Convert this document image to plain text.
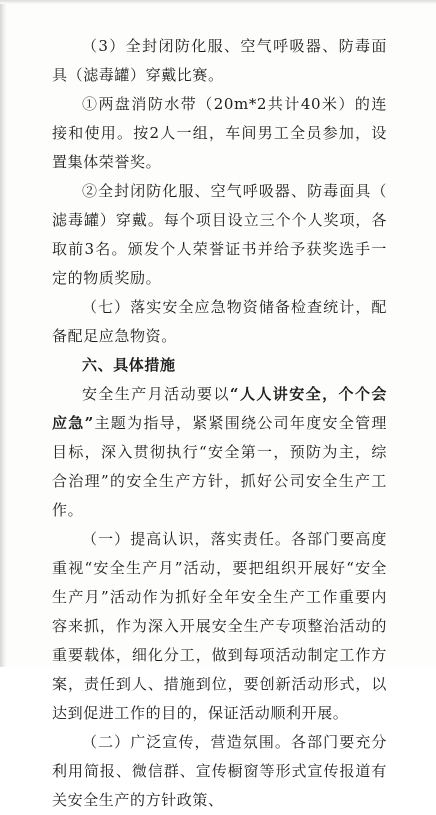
（3）全封闭防化服、空气呼吸器、防毒面具（滤毒罐）穿戴比赛。

①两盘消防水带（20m*2共计40米）的连接和使用。按2人一组，车间男工全员参加，设置集体荣誉奖。

②全封闭防化服、空气呼吸器、防毒面具（滤毒罐）穿戴。每个项目设立三个个人奖项，各取前3名。颁发个人荣誉证书并给予获奖选手一定的物质奖励。

（七）落实安全应急物资储备检查统计，配备配足应急物资。

六、具体措施

安全生产月活动要以“人人讲安全，个个会应急”主题为指导，紧紧围绕公司年度安全管理目标，深入贯彻执行“安全第一，预防为主，综合治理”的安全生产方针，抓好公司安全生产工作。

（一）提高认识，落实责任。各部门要高度重视“安全生产月”活动，要把组织开展好“安全生产月”活动作为抓好全年安全生产工作重要内容来抓，作为深入开展安全生产专项整治活动的重要载体，细化分工，做到每项活动制定工作方案，责任到人、措施到位，要创新活动形式，以达到促进工作的目的，保证活动顺利开展。

（二）广泛宣传，营造氛围。各部门要充分利用简报、微信群、宣传橱窗等形式宣传报道有关安全生产的方针政策、
